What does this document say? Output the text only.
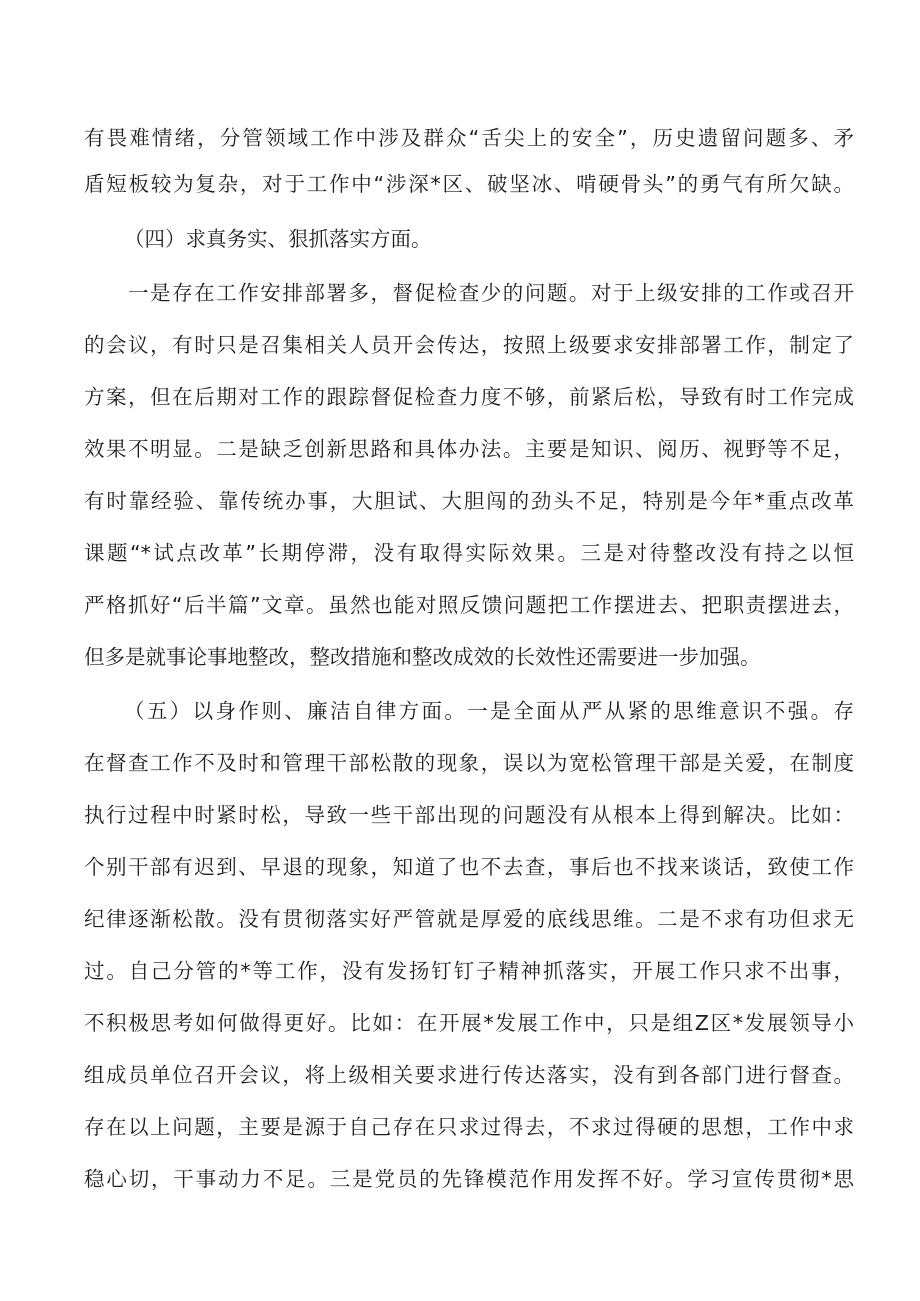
有畏难情绪，分管领域工作中涉及群众“舌尖上的安全”，历史遗留问题多、矛
盾短板较为复杂，对于工作中“涉深*区、破坚冰、啃硬骨头”的勇气有所欠缺。
（四）求真务实、狠抓落实方面。
一是存在工作安排部署多，督促检查少的问题。对于上级安排的工作或召开
的会议，有时只是召集相关人员开会传达，按照上级要求安排部署工作，制定了
方案，但在后期对工作的跟踪督促检查力度不够，前紧后松，导致有时工作完成
效果不明显。二是缺乏创新思路和具体办法。主要是知识、阅历、视野等不足，
有时靠经验、靠传统办事，大胆试、大胆闯的劲头不足，特别是今年*重点改革
课题“*试点改革”长期停滞，没有取得实际效果。三是对待整改没有持之以恒
严格抓好“后半篇”文章。虽然也能对照反馈问题把工作摆进去、把职责摆进去，
但多是就事论事地整改，整改措施和整改成效的长效性还需要进一步加强。
（五）以身作则、廉洁自律方面。一是全面从严从紧的思维意识不强。存
在督查工作不及时和管理干部松散的现象，误以为宽松管理干部是关爱，在制度
执行过程中时紧时松，导致一些干部出现的问题没有从根本上得到解决。比如：
个别干部有迟到、早退的现象，知道了也不去查，事后也不找来谈话，致使工作
纪律逐渐松散。没有贯彻落实好严管就是厚爱的底线思维。二是不求有功但求无
过。自己分管的*等工作，没有发扬钉钉子精神抓落实，开展工作只求不出事，
不积极思考如何做得更好。比如：在开展*发展工作中，只是组Z区*发展领导小
组成员单位召开会议，将上级相关要求进行传达落实，没有到各部门进行督查。
存在以上问题，主要是源于自己存在只求过得去，不求过得硬的思想，工作中求
稳心切，干事动力不足。三是党员的先锋模范作用发挥不好。学习宣传贯彻*思
